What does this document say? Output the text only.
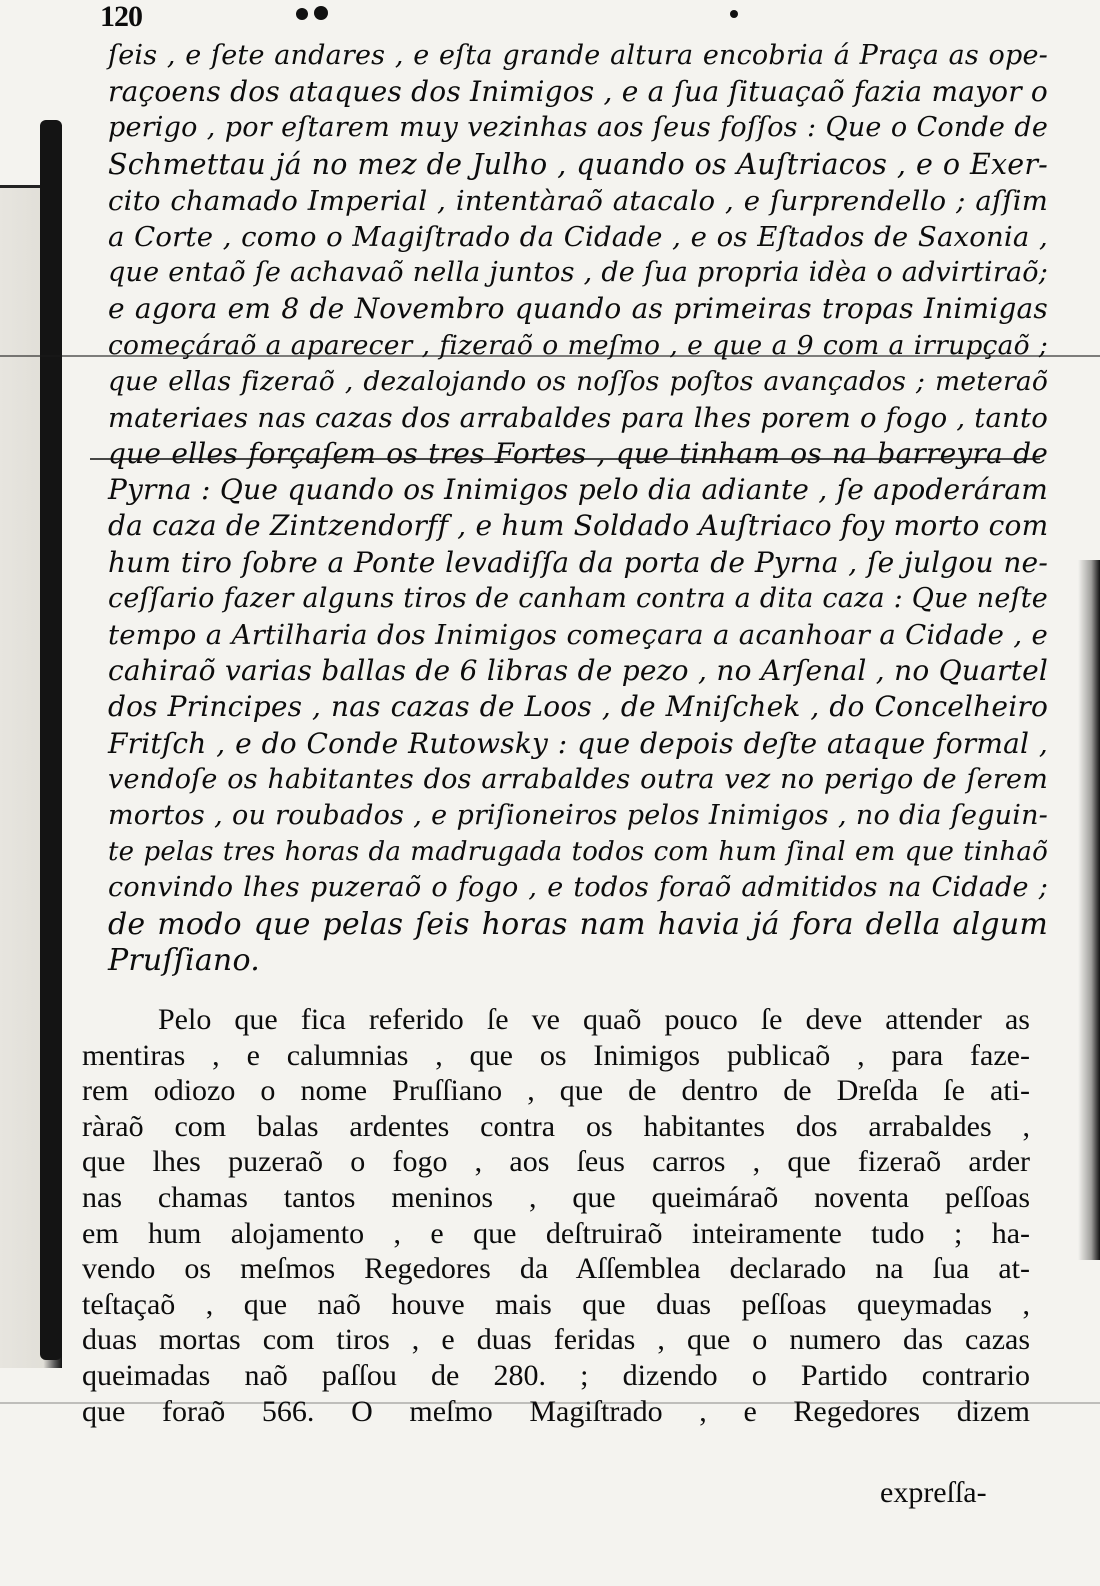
120
ſeis , e ſete andares , e eſta grande altura encobria á Praça as ope-
raçoens dos ataques dos Inimigos , e a ſua ſituaçaõ fazia mayor o
perigo , por eſtarem muy vezinhas aos ſeus foſſos : Que o Conde de
Schmettau já no mez de Julho , quando os Auſtriacos , e o Exer-
cito chamado Imperial , intentàraõ atacalo , e ſurprendello ; aſſim
a Corte , como o Magiſtrado da Cidade , e os Eſtados de Saxonia ,
que entaõ ſe achavaõ nella juntos , de ſua propria idèa o advirtiraõ;
e agora em 8 de Novembro quando as primeiras tropas Inimigas
começáraõ a aparecer , fizeraõ o meſmo , e que a 9 com a irrupçaõ ;
que ellas fizeraõ , dezalojando os noſſos poſtos avançados ; meteraõ
materiaes nas cazas dos arrabaldes para lhes porem o fogo , tanto
que elles forçaſem os tres Fortes , que tinham os na barreyra de
Pyrna : Que quando os Inimigos pelo dia adiante , ſe apoderáram
da caza de Zintzendorff , e hum Soldado Auſtriaco foy morto com
hum tiro ſobre a Ponte levadiſſa da porta de Pyrna , ſe julgou ne-
ceſſario fazer alguns tiros de canham contra a dita caza : Que neſte
tempo a Artilharia dos Inimigos começara a acanhoar a Cidade , e
cahiraõ varias ballas de 6 libras de pezo , no Arſenal , no Quartel
dos Principes , nas cazas de Loos , de Mniſchek , do Concelheiro
Fritſch , e do Conde Rutowsky : que depois deſte ataque formal ,
vendoſe os habitantes dos arrabaldes outra vez no perigo de ſerem
mortos , ou roubados , e priſioneiros pelos Inimigos , no dia ſeguin-
te pelas tres horas da madrugada todos com hum ſinal em que tinhaõ
convindo lhes puzeraõ o fogo , e todos foraõ admitidos na Cidade ;
de modo que pelas ſeis horas nam havia já fora della algum
Pruſſiano.
Pelo que fica referido ſe ve quaõ pouco ſe deve attender as
mentiras , e calumnias , que os Inimigos publicaõ , para faze-
rem odiozo o nome Pruſſiano , que de dentro de Dreſda ſe ati-
ràraõ com balas ardentes contra os habitantes dos arrabaldes ,
que lhes puzeraõ o fogo , aos ſeus carros , que fizeraõ arder
nas chamas tantos meninos , que queimáraõ noventa peſſoas
em hum alojamento , e que deſtruiraõ inteiramente tudo ; ha-
vendo os meſmos Regedores da Aſſemblea declarado na ſua at-
teſtaçaõ , que naõ houve mais que duas peſſoas queymadas ,
duas mortas com tiros , e duas feridas , que o numero das cazas
queimadas naõ paſſou de 280. ; dizendo o Partido contrario
que foraõ 566. O meſmo Magiſtrado , e Regedores dizem
expreſſa-
